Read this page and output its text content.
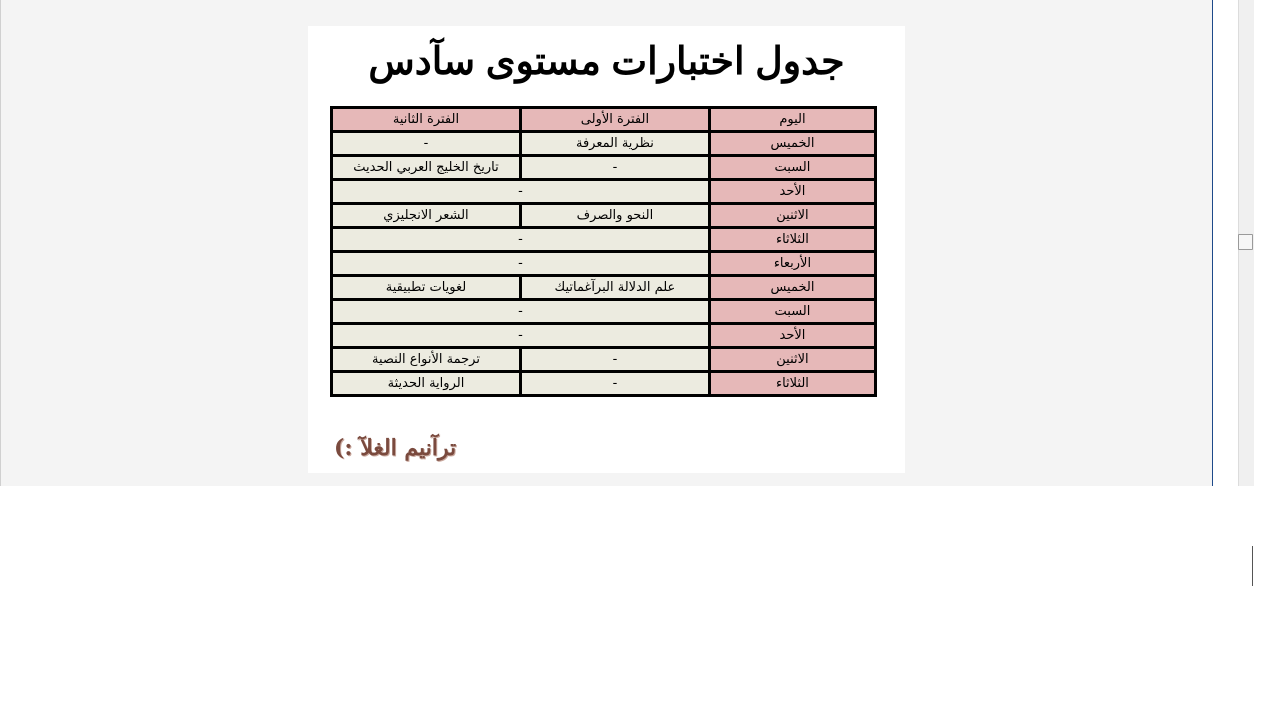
جدول اختبارات مستوى سآدس
اليوم	الفترة الأولى	الفترة الثانية
الخميس	نظرية المعرفة	-
السبت	-	تاريخ الخليج العربي الحديث
الأحد	-	
الاثنين	النحو والصرف	الشعر الانجليزي
الثلاثاء	-	
الأربعاء	-	
الخميس	علم الدلالة البرآغماتيك	لغويات تطبيقية
السبت	-	
الأحد	-	
الاثنين	-	ترجمة الأنواع النصية
الثلاثاء	-	الرواية الحديثة
ترآنيم الغلآ :)
